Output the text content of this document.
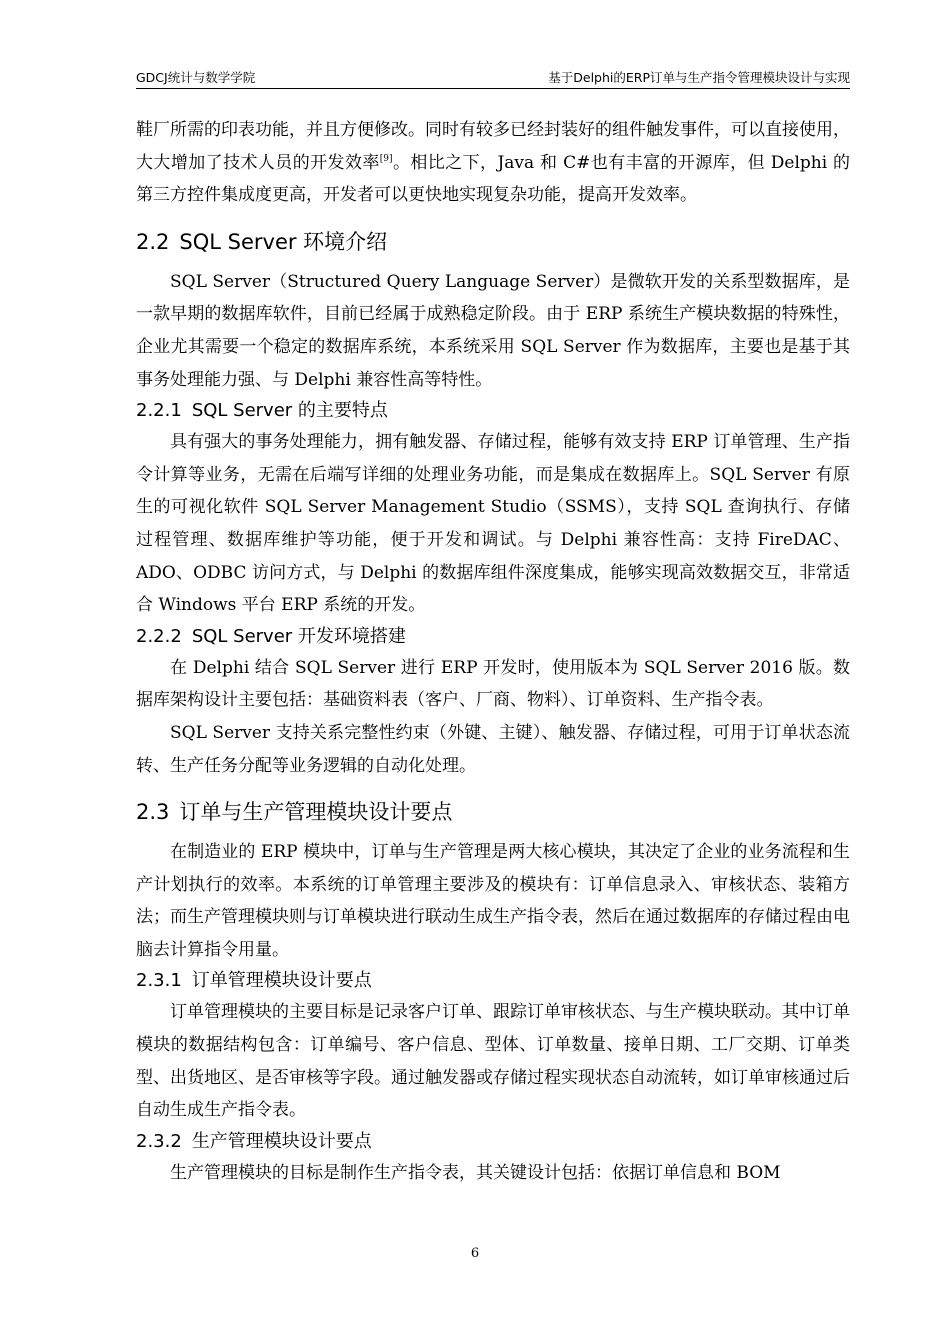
GDCJ统计与数学学院	基于Delphi的ERP订单与生产指令管理模块设计与实现

鞋厂所需的印表功能，并且方便修改。同时有较多已经封装好的组件触发事件，可以直接使用，大大增加了技术人员的开发效率[9]。相比之下，Java 和 C#也有丰富的开源库，但 Delphi 的第三方控件集成度更高，开发者可以更快地实现复杂功能，提高开发效率。

2.2 SQL Server 环境介绍

SQL Server（Structured Query Language Server）是微软开发的关系型数据库，是一款早期的数据库软件，目前已经属于成熟稳定阶段。由于 ERP 系统生产模块数据的特殊性，企业尤其需要一个稳定的数据库系统，本系统采用 SQL Server 作为数据库，主要也是基于其事务处理能力强、与 Delphi 兼容性高等特性。

2.2.1 SQL Server 的主要特点

具有强大的事务处理能力，拥有触发器、存储过程，能够有效支持 ERP 订单管理、生产指令计算等业务，无需在后端写详细的处理业务功能，而是集成在数据库上。SQL Server 有原生的可视化软件 SQL Server Management Studio（SSMS），支持 SQL 查询执行、存储过程管理、数据库维护等功能，便于开发和调试。与 Delphi 兼容性高：支持 FireDAC、ADO、ODBC 访问方式，与 Delphi 的数据库组件深度集成，能够实现高效数据交互，非常适合 Windows 平台 ERP 系统的开发。

2.2.2 SQL Server 开发环境搭建

在 Delphi 结合 SQL Server 进行 ERP 开发时，使用版本为 SQL Server 2016 版。数据库架构设计主要包括：基础资料表（客户、厂商、物料）、订单资料、生产指令表。

SQL Server 支持关系完整性约束（外键、主键）、触发器、存储过程，可用于订单状态流转、生产任务分配等业务逻辑的自动化处理。

2.3 订单与生产管理模块设计要点

在制造业的 ERP 模块中，订单与生产管理是两大核心模块，其决定了企业的业务流程和生产计划执行的效率。本系统的订单管理主要涉及的模块有：订单信息录入、审核状态、装箱方法；而生产管理模块则与订单模块进行联动生成生产指令表，然后在通过数据库的存储过程由电脑去计算指令用量。

2.3.1 订单管理模块设计要点

订单管理模块的主要目标是记录客户订单、跟踪订单审核状态、与生产模块联动。其中订单模块的数据结构包含：订单编号、客户信息、型体、订单数量、接单日期、工厂交期、订单类型、出货地区、是否审核等字段。通过触发器或存储过程实现状态自动流转，如订单审核通过后自动生成生产指令表。

2.3.2 生产管理模块设计要点

生产管理模块的目标是制作生产指令表，其关键设计包括：依据订单信息和 BOM

6
